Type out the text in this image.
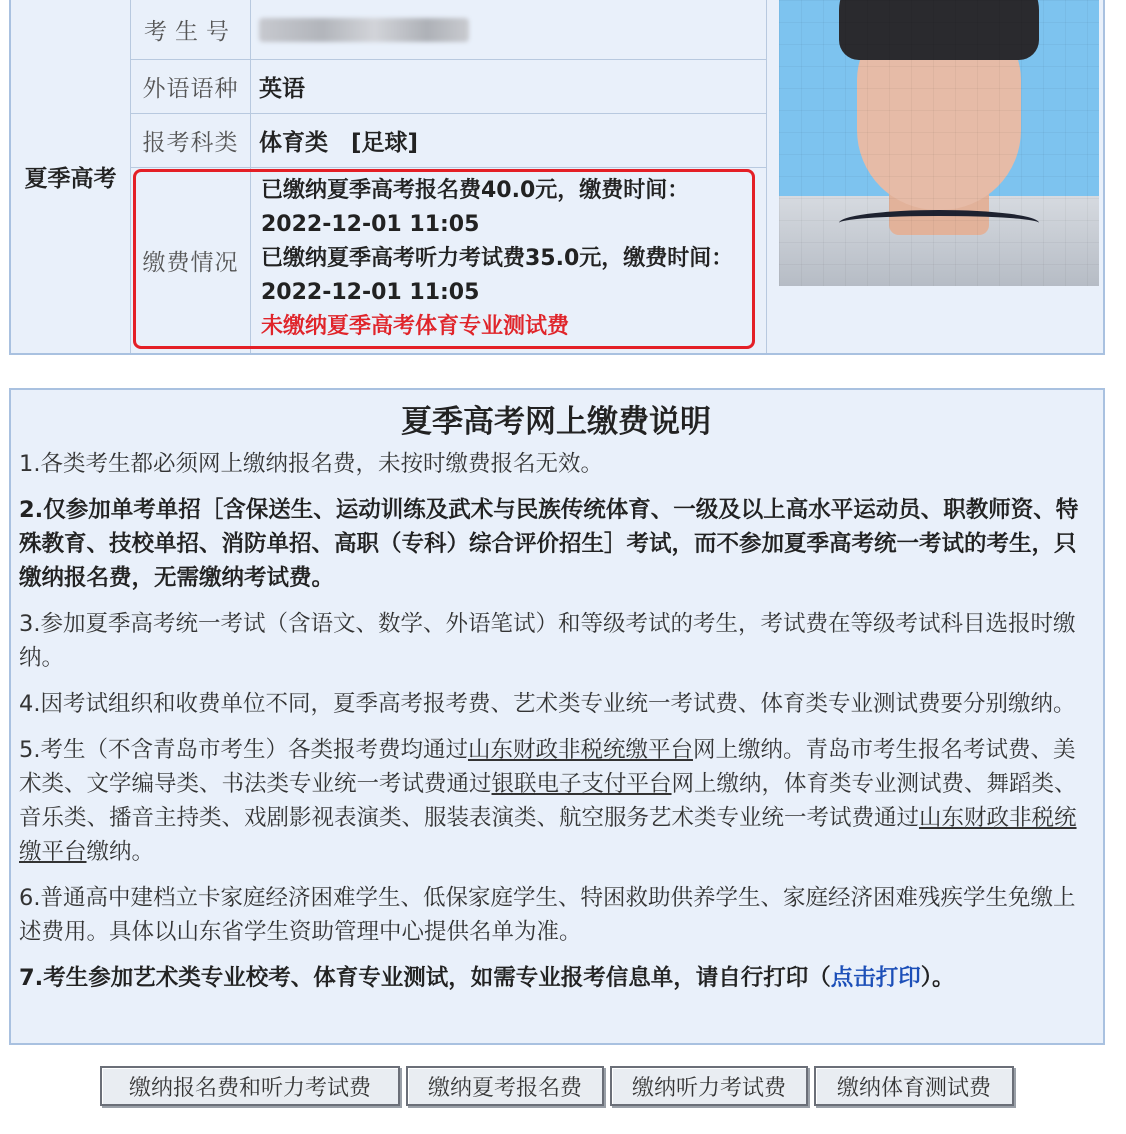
夏季高考
考生号
外语语种 英语
报考科类 体育类　[足球]
缴费情况
已缴纳夏季高考报名费40.0元，缴费时间：2022-12-01 11:05
已缴纳夏季高考听力考试费35.0元，缴费时间：2022-12-01 11:05
未缴纳夏季高考体育专业测试费
夏季高考网上缴费说明

1.各类考生都必须网上缴纳报名费，未按时缴费报名无效。

2.仅参加单考单招［含保送生、运动训练及武术与民族传统体育、一级及以上高水平运动员、职教师资、特殊教育、技校单招、消防单招、高职（专科）综合评价招生］考试，而不参加夏季高考统一考试的考生，只缴纳报名费，无需缴纳考试费。

3.参加夏季高考统一考试（含语文、数学、外语笔试）和等级考试的考生，考试费在等级考试科目选报时缴纳。

4.因考试组织和收费单位不同，夏季高考报考费、艺术类专业统一考试费、体育类专业测试费要分别缴纳。

5.考生（不含青岛市考生）各类报考费均通过山东财政非税统缴平台网上缴纳。青岛市考生报名考试费、美术类、文学编导类、书法类专业统一考试费通过银联电子支付平台网上缴纳，体育类专业测试费、舞蹈类、音乐类、播音主持类、戏剧影视表演类、服装表演类、航空服务艺术类专业统一考试费通过山东财政非税统缴平台缴纳。

6.普通高中建档立卡家庭经济困难学生、低保家庭学生、特困救助供养学生、家庭经济困难残疾学生免缴上述费用。具体以山东省学生资助管理中心提供名单为准。

7.考生参加艺术类专业校考、体育专业测试，如需专业报考信息单，请自行打印（点击打印）。

缴纳报名费和听力考试费	缴纳夏考报名费	缴纳听力考试费	缴纳体育测试费
